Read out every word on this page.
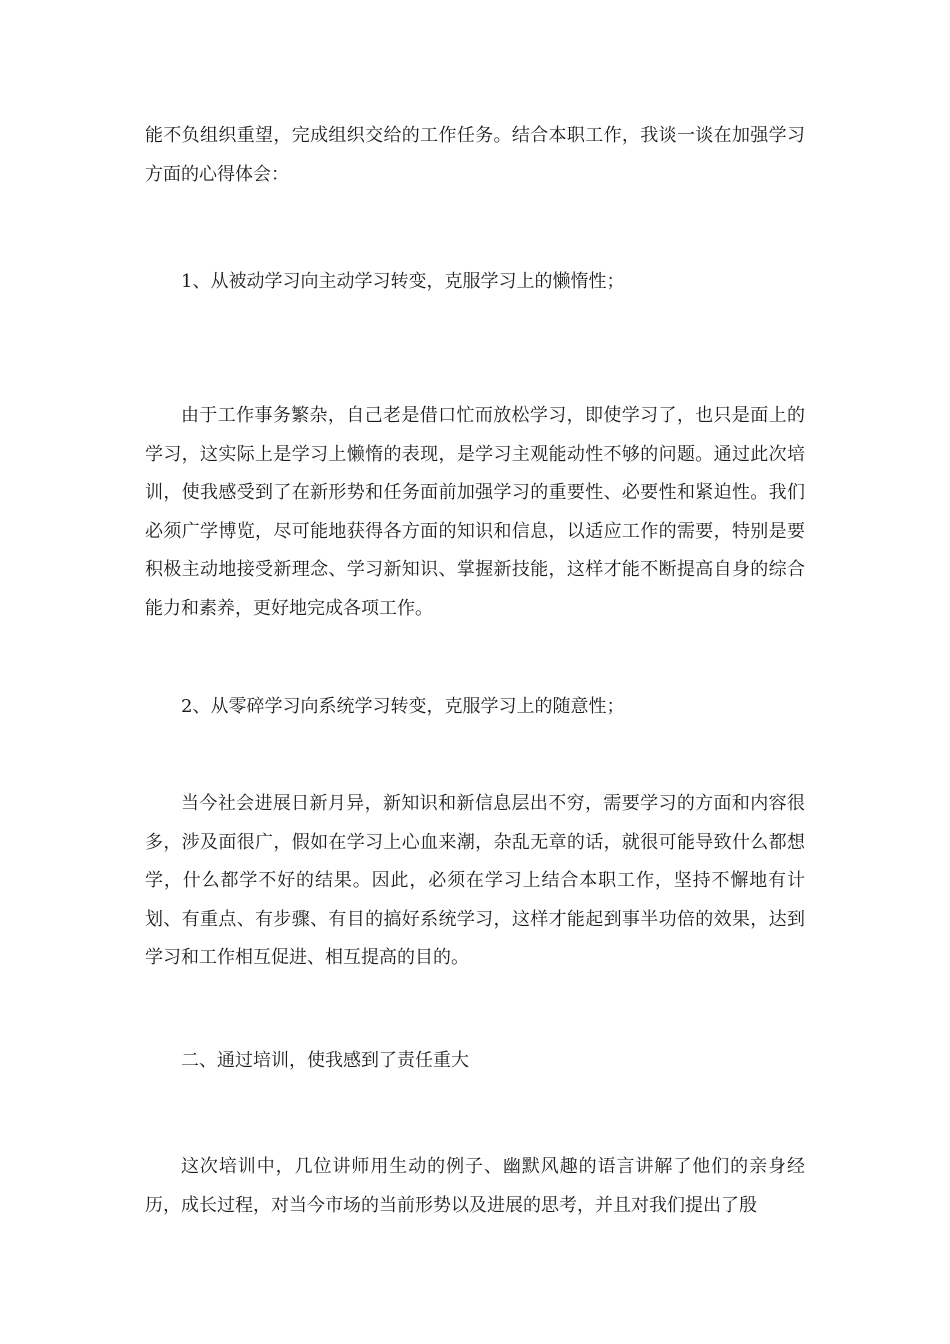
能不负组织重望，完成组织交给的工作任务。结合本职工作，我谈一谈在加强学习方面的心得体会：

1、从被动学习向主动学习转变，克服学习上的懒惰性；

由于工作事务繁杂，自己老是借口忙而放松学习，即使学习了，也只是面上的学习，这实际上是学习上懒惰的表现，是学习主观能动性不够的问题。通过此次培训，使我感受到了在新形势和任务面前加强学习的重要性、必要性和紧迫性。我们必须广学博览，尽可能地获得各方面的知识和信息，以适应工作的需要，特别是要积极主动地接受新理念、学习新知识、掌握新技能，这样才能不断提高自身的综合能力和素养，更好地完成各项工作。

2、从零碎学习向系统学习转变，克服学习上的随意性；

当今社会进展日新月异，新知识和新信息层出不穷，需要学习的方面和内容很多，涉及面很广，假如在学习上心血来潮，杂乱无章的话，就很可能导致什么都想学，什么都学不好的结果。因此，必须在学习上结合本职工作，坚持不懈地有计划、有重点、有步骤、有目的搞好系统学习，这样才能起到事半功倍的效果，达到学习和工作相互促进、相互提高的目的。

二、通过培训，使我感到了责任重大

这次培训中，几位讲师用生动的例子、幽默风趣的语言讲解了他们的亲身经历，成长过程，对当今市场的当前形势以及进展的思考，并且对我们提出了殷
